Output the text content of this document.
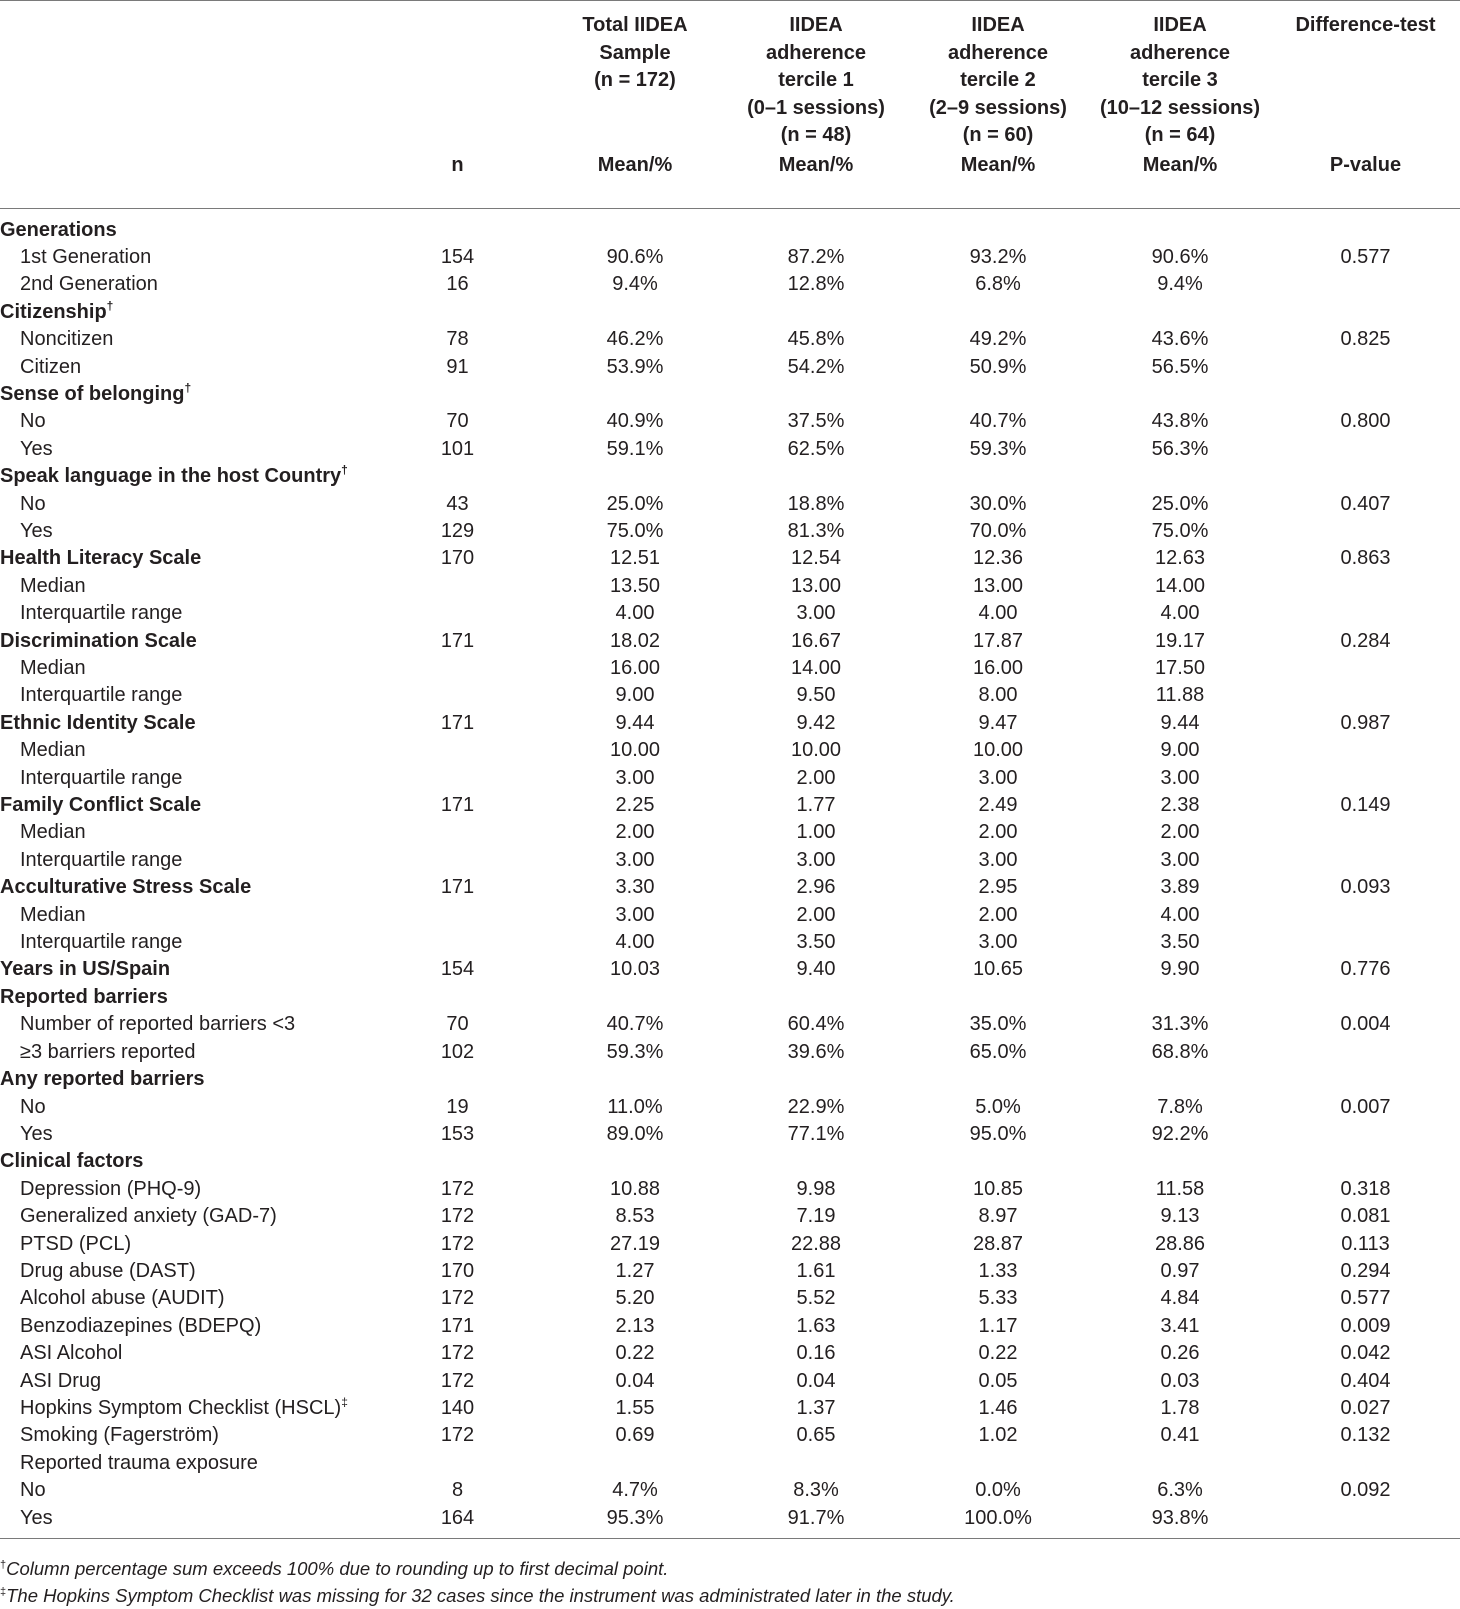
		Total IIDEA
Sample
(n = 172)	IIDEA
adherence
tercile 1
(0–1 sessions)
(n = 48)	IIDEA
adherence
tercile 2
(2–9 sessions)
(n = 60)	IIDEA
adherence
tercile 3
(10–12 sessions)
(n = 64)	Difference-test
	n	Mean/%	Mean/%	Mean/%	Mean/%	P-value
Generations						
1st Generation	154	90.6%	87.2%	93.2%	90.6%	0.577
2nd Generation	16	9.4%	12.8%	6.8%	9.4%	
Citizenship†						
Noncitizen	78	46.2%	45.8%	49.2%	43.6%	0.825
Citizen	91	53.9%	54.2%	50.9%	56.5%	
Sense of belonging†						
No	70	40.9%	37.5%	40.7%	43.8%	0.800
Yes	101	59.1%	62.5%	59.3%	56.3%	
Speak language in the host Country†						
No	43	25.0%	18.8%	30.0%	25.0%	0.407
Yes	129	75.0%	81.3%	70.0%	75.0%	
Health Literacy Scale	170	12.51	12.54	12.36	12.63	0.863
Median		13.50	13.00	13.00	14.00	
Interquartile range		4.00	3.00	4.00	4.00	
Discrimination Scale	171	18.02	16.67	17.87	19.17	0.284
Median		16.00	14.00	16.00	17.50	
Interquartile range		9.00	9.50	8.00	11.88	
Ethnic Identity Scale	171	9.44	9.42	9.47	9.44	0.987
Median		10.00	10.00	10.00	9.00	
Interquartile range		3.00	2.00	3.00	3.00	
Family Conflict Scale	171	2.25	1.77	2.49	2.38	0.149
Median		2.00	1.00	2.00	2.00	
Interquartile range		3.00	3.00	3.00	3.00	
Acculturative Stress Scale	171	3.30	2.96	2.95	3.89	0.093
Median		3.00	2.00	2.00	4.00	
Interquartile range		4.00	3.50	3.00	3.50	
Years in US/Spain	154	10.03	9.40	10.65	9.90	0.776
Reported barriers						
Number of reported barriers <3	70	40.7%	60.4%	35.0%	31.3%	0.004
≥3 barriers reported	102	59.3%	39.6%	65.0%	68.8%	
Any reported barriers						
No	19	11.0%	22.9%	5.0%	7.8%	0.007
Yes	153	89.0%	77.1%	95.0%	92.2%	
Clinical factors						
Depression (PHQ-9)	172	10.88	9.98	10.85	11.58	0.318
Generalized anxiety (GAD-7)	172	8.53	7.19	8.97	9.13	0.081
PTSD (PCL)	172	27.19	22.88	28.87	28.86	0.113
Drug abuse (DAST)	170	1.27	1.61	1.33	0.97	0.294
Alcohol abuse (AUDIT)	172	5.20	5.52	5.33	4.84	0.577
Benzodiazepines (BDEPQ)	171	2.13	1.63	1.17	3.41	0.009
ASI Alcohol	172	0.22	0.16	0.22	0.26	0.042
ASI Drug	172	0.04	0.04	0.05	0.03	0.404
Hopkins Symptom Checklist (HSCL)‡	140	1.55	1.37	1.46	1.78	0.027
Smoking (Fagerström)	172	0.69	0.65	1.02	0.41	0.132
Reported trauma exposure						
No	8	4.7%	8.3%	0.0%	6.3%	0.092
Yes	164	95.3%	91.7%	100.0%	93.8%	
†Column percentage sum exceeds 100% due to rounding up to first decimal point.
‡The Hopkins Symptom Checklist was missing for 32 cases since the instrument was administrated later in the study.
